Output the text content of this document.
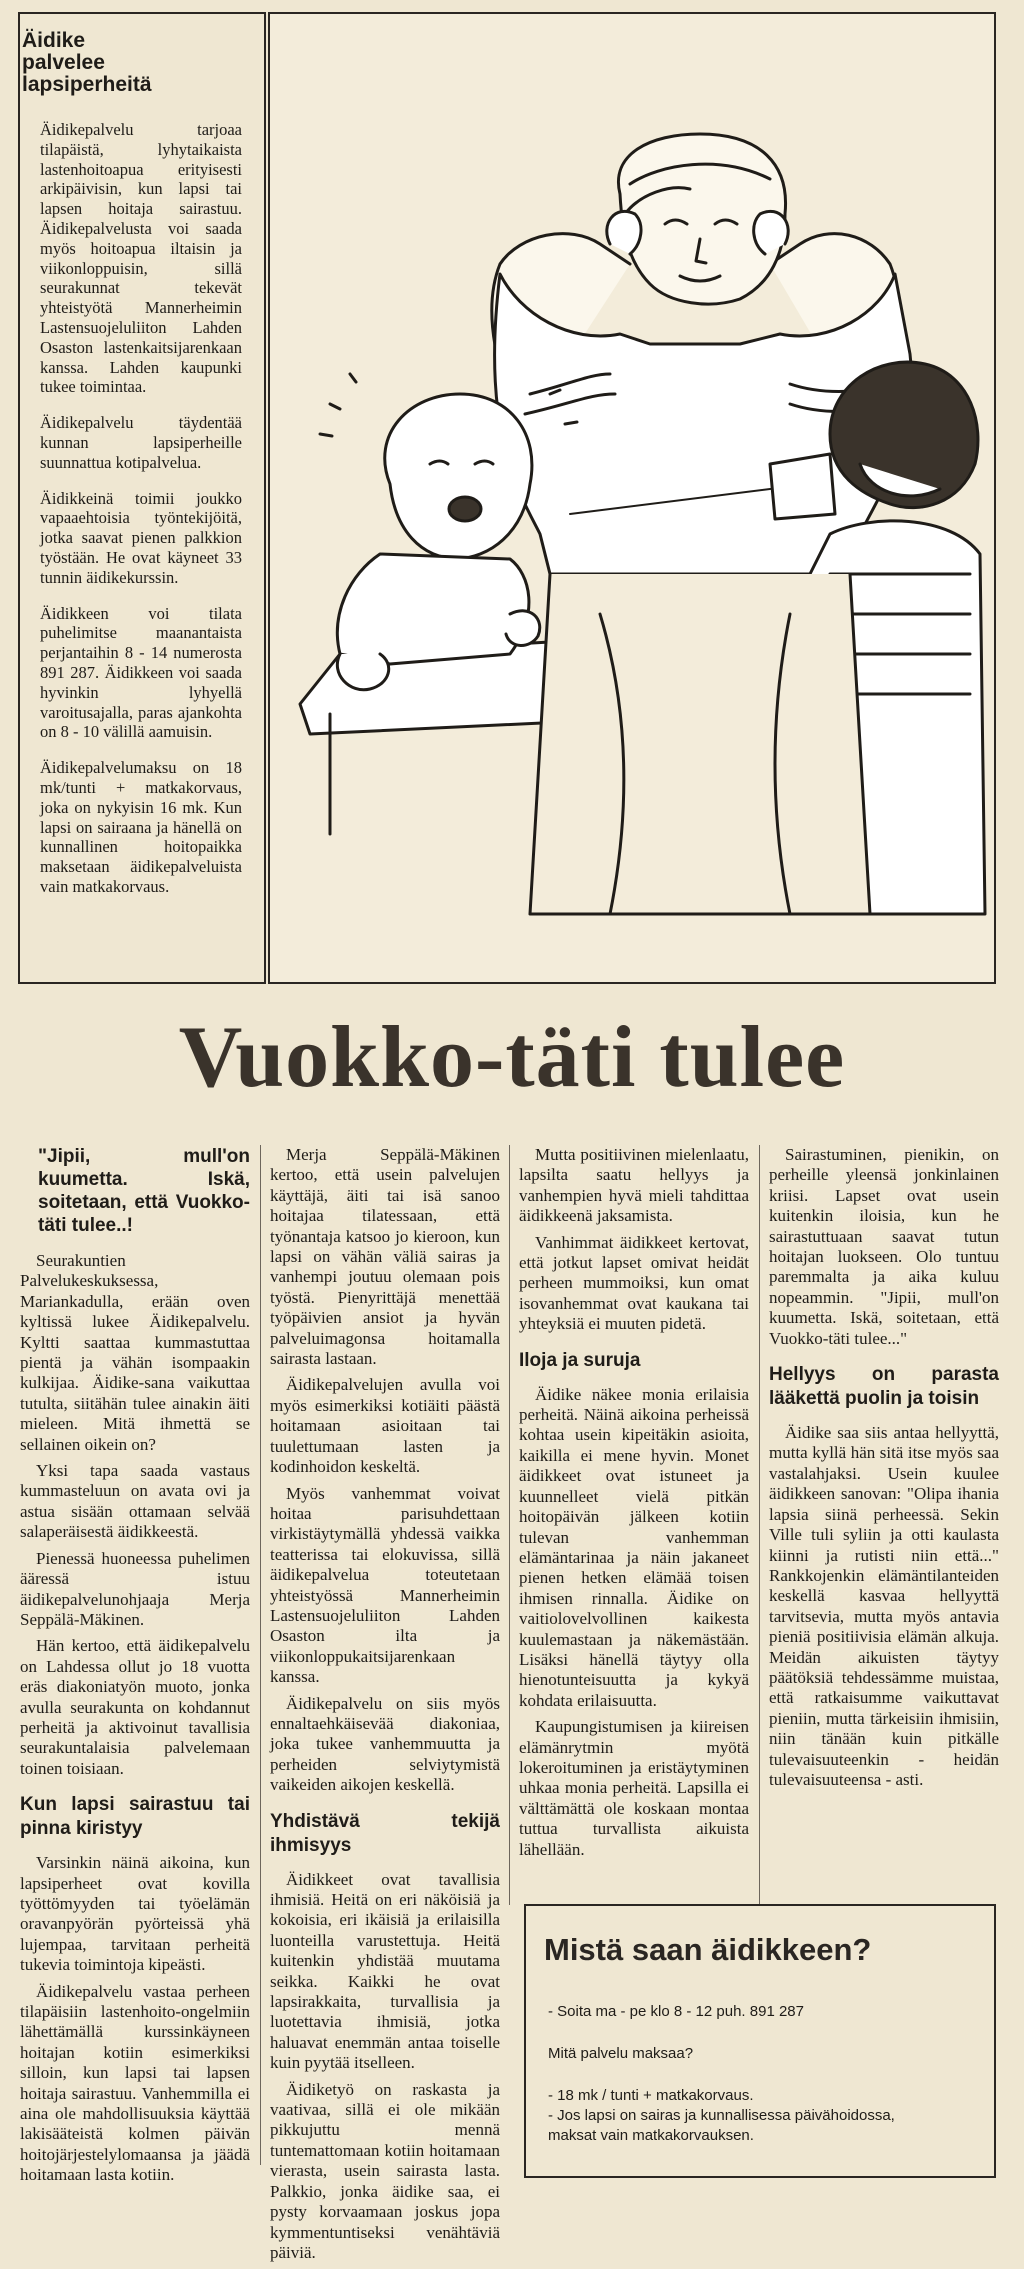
Äidike palvelee lapsiperheitä

Äidikepalvelu tarjoaa tilapäistä, lyhytaikaista lastenhoitoapua erityisesti arkipäivisin, kun lapsi tai lapsen hoitaja sairastuu. Äidikepalvelusta voi saada myös hoitoapua iltaisin ja viikonloppuisin, sillä seurakunnat tekevät yhteistyötä Mannerheimin Lastensuojeluliiton Lahden Osaston lastenkaitsijarenkaan kanssa. Lahden kaupunki tukee toimintaa.

Äidikepalvelu täydentää kunnan lapsiperheille suunnattua kotipalvelua.

Äidikkeinä toimii joukko vapaaehtoisia työntekijöitä, jotka saavat pienen palkkion työstään. He ovat käyneet 33 tunnin äidikekurssin.

Äidikkeen voi tilata puhelimitse maanantaista perjantaihin 8 - 14 numerosta 891 287. Äidikkeen voi saada hyvinkin lyhyellä varoitusajalla, paras ajankohta on 8 - 10 välillä aamuisin.

Äidikepalvelumaksu on 18 mk/tunti + matkakorvaus, joka on nykyisin 16 mk. Kun lapsi on sairaana ja hänellä on kunnallinen hoitopaikka maksetaan äidikepalveluista vain matkakorvaus.

Vuokko-täti tulee

"Jipii, mull'on kuumetta. Iskä, soitetaan, että Vuokko-täti tulee..!

Seurakuntien Palvelukeskuksessa, Mariankadulla, erään oven kyltissä lukee Äidikepalvelu. Kyltti saattaa kummastuttaa pientä ja vähän isompaakin kulkijaa. Äidike-sana vaikuttaa tutulta, siitähän tulee ainakin äiti mieleen. Mitä ihmettä se sellainen oikein on?

Yksi tapa saada vastaus kummasteluun on avata ovi ja astua sisään ottamaan selvää salaperäisestä äidikkeestä.

Pienessä huoneessa puhelimen ääressä istuu äidikepalvelunohjaaja Merja Seppälä-Mäkinen.

Hän kertoo, että äidikepalvelu on Lahdessa ollut jo 18 vuotta eräs diakoniatyön muoto, jonka avulla seurakunta on kohdannut perheitä ja aktivoinut tavallisia seurakuntalaisia palvelemaan toinen toisiaan.

Kun lapsi sairastuu tai pinna kiristyy

Varsinkin näinä aikoina, kun lapsiperheet ovat kovilla työttömyyden tai työelämän oravanpyörän pyörteissä yhä lujempaa, tarvitaan perheitä tukevia toimintoja kipeästi.

Äidikepalvelu vastaa perheen tilapäisiin lastenhoito-ongelmiin lähettämällä kurssinkäyneen hoitajan kotiin esimerkiksi silloin, kun lapsi tai lapsen hoitaja sairastuu. Vanhemmilla ei aina ole mahdollisuuksia käyttää lakisääteistä kolmen päivän hoitojärjestelylomaansa ja jäädä hoitamaan lasta kotiin.

Merja Seppälä-Mäkinen kertoo, että usein palvelujen käyttäjä, äiti tai isä sanoo hoitajaa tilatessaan, että työnantaja katsoo jo kieroon, kun lapsi on vähän väliä sairas ja vanhempi joutuu olemaan pois työstä. Pienyrittäjä menettää työpäivien ansiot ja hyvän palveluimagonsa hoitamalla sairasta lastaan.

Äidikepalvelujen avulla voi myös esimerkiksi kotiäiti päästä hoitamaan asioitaan tai tuulettumaan lasten ja kodinhoidon keskeltä.

Myös vanhemmat voivat hoitaa parisuhdettaan virkistäytymällä yhdessä vaikka teatterissa tai elokuvissa, sillä äidikepalvelua toteutetaan yhteistyössä Mannerheimin Lastensuojeluliiton Lahden Osaston ilta ja viikonloppukaitsijarenkaan kanssa.

Äidikepalvelu on siis myös ennaltaehkäisevää diakoniaa, joka tukee vanhemmuutta ja perheiden selviytymistä vaikeiden aikojen keskellä.

Yhdistävä tekijä ihmisyys

Äidikkeet ovat tavallisia ihmisiä. Heitä on eri näköisiä ja kokoisia, eri ikäisiä ja erilaisilla luonteilla varustettuja. Heitä kuitenkin yhdistää muutama seikka. Kaikki he ovat lapsirakkaita, turvallisia ja luotettavia ihmisiä, jotka haluavat enemmän antaa toiselle kuin pyytää itselleen.

Äidiketyö on raskasta ja vaativaa, sillä ei ole mikään pikkujuttu mennä tuntemattomaan kotiin hoitamaan vierasta, usein sairasta lasta. Palkkio, jonka äidike saa, ei pysty korvaamaan joskus jopa kymmentuntiseksi venähtäviä päiviä.

Mutta positiivinen mielenlaatu, lapsilta saatu hellyys ja vanhempien hyvä mieli tahdittaa äidikkeenä jaksamista.

Vanhimmat äidikkeet kertovat, että jotkut lapset omivat heidät perheen mummoiksi, kun omat isovanhemmat ovat kaukana tai yhteyksiä ei muuten pidetä.

Iloja ja suruja

Äidike näkee monia erilaisia perheitä. Näinä aikoina perheissä kohtaa usein kipeitäkin asioita, kaikilla ei mene hyvin. Monet äidikkeet ovat istuneet ja kuunnelleet vielä pitkän hoitopäivän jälkeen kotiin tulevan vanhemman elämäntarinaa ja näin jakaneet pienen hetken elämää toisen ihmisen rinnalla. Äidike on vaitiolovelvollinen kaikesta kuulemastaan ja näkemästään. Lisäksi hänellä täytyy olla hienotunteisuutta ja kykyä kohdata erilaisuutta.

Kaupungistumisen ja kiireisen elämänrytmin myötä lokeroituminen ja eristäytyminen uhkaa monia perheitä. Lapsilla ei välttämättä ole koskaan montaa tuttua turvallista aikuista lähellään.

Sairastuminen, pienikin, on perheille yleensä jonkinlainen kriisi. Lapset ovat usein kuitenkin iloisia, kun he sairastuttuaan saavat tutun hoitajan luokseen. Olo tuntuu paremmalta ja aika kuluu nopeammin. "Jipii, mull'on kuumetta. Iskä, soitetaan, että Vuokko-täti tulee..."

Hellyys on parasta lääkettä puolin ja toisin

Äidike saa siis antaa hellyyttä, mutta kyllä hän sitä itse myös saa vastalahjaksi. Usein kuulee äidikkeen sanovan: "Olipa ihania lapsia siinä perheessä. Sekin Ville tuli syliin ja otti kaulasta kiinni ja rutisti niin että..." Rankkojenkin elämäntilanteiden keskellä kasvaa hellyyttä tarvitsevia, mutta myös antavia pieniä positiivisia elämän alkuja. Meidän aikuisten täytyy päätöksiä tehdessämme muistaa, että ratkaisumme vaikuttavat pieniin, mutta tärkeisiin ihmisiin, niin tänään kuin pitkälle tulevaisuuteenkin - heidän tulevaisuuteensa - asti.

Mistä saan äidikkeen?
- Soita ma - pe klo 8 - 12 puh. 891 287
Mitä palvelu maksaa?
- 18 mk / tunti + matkakorvaus.
- Jos lapsi on sairas ja kunnallisessa päivähoidossa,
maksat vain matkakorvauksen.
